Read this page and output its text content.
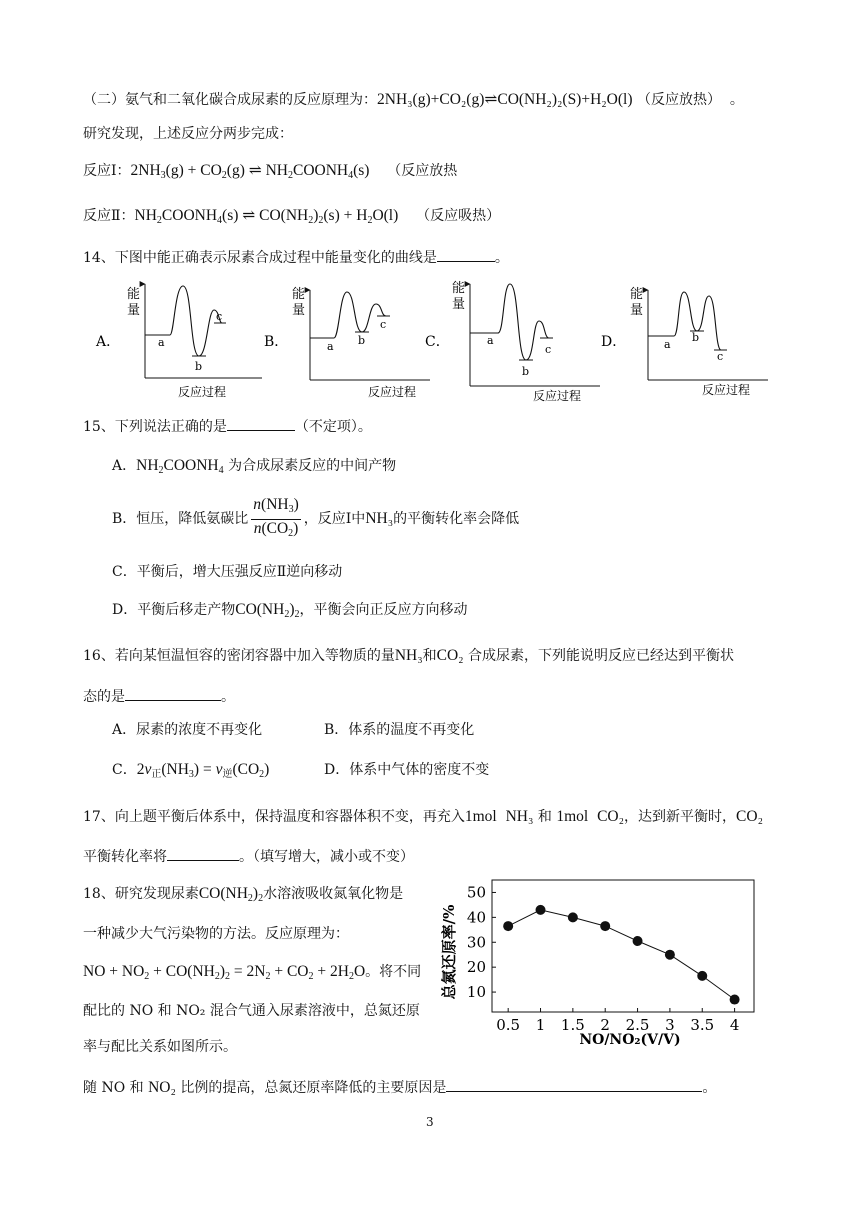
（二）氨气和二氧化碳合成尿素的反应原理为：2NH₃(g)+CO₂(g)⇌CO(NH₂)₂(S)+H₂O(l) （反应放热） 。
研究发现，上述反应分两步完成：
反应Ⅰ：$2NH_3(g) + CO_2(g)$ ⇌ $NH_2COONH_4(s)$ （反应放热
反应Ⅱ：$NH_2COONH_4(s)$ ⇌ $CO(NH_2)_2(s) + H_2O(l)$ （反应吸热）
14、下图中能正确表示尿素合成过程中能量变化的曲线是	。
A．
能
量
a
b
c
反应过程
B．
能
量
a b
c
反应过程
C．
能
量
a
b
c
反应过程
D．
能
量
a
b
c
反应过程
15、下列说法正确的是	（不定项）。
A．$NH_2COONH_4$ 为合成尿素反应的中间产物
B． 恒压，降低氨碳比 $\frac{n(NH_3)}{n(CO_2)}$ ，反应Ⅰ中 NH₃ 的平衡转化率会降低
C．平衡后，增大压强反应Ⅱ逆向移动
D．平衡后移走产物$CO(NH_2)_2$，平衡会向正反应方向移动
16、若向某恒温恒容的密闭容器中加入等物质的量NH₃和CO₂ 合成尿素，下列能说明反应已经达到平衡状
态的是	。
A．尿素的浓度不再变化	B．体系的温度不再变化
C．$2v_正(NH_3) = v_逆(CO_2)$	D．体系中气体的密度不变
17、向上题平衡后体系中，保持温度和容器体积不变，再充入1mol NH₃ 和 1mol CO₂，达到新平衡时，CO₂
平衡转化率将	。（填写增大，减小或不变）
18、研究发现尿素$CO(NH_2)_2$水溶液吸收氮氧化物是
一种减少大气污染物的方法。反应原理为：
NO + $NO_2 + CO(NH_2)_2 = 2N_2 + CO_2 + 2H_2O$。将不同
配比的 NO 和 NO₂ 混合气通入尿素溶液中，总氮还原
率与配比关系如图所示。
随 NO 和 NO₂ 比例的提高，总氮还原率降低的主要原因是	。
总氮还原率/%
NO/NO₂(V/V)
10
20
30
40
50
0.5 1 1.5 2 2.5 3 3.5 4
3
